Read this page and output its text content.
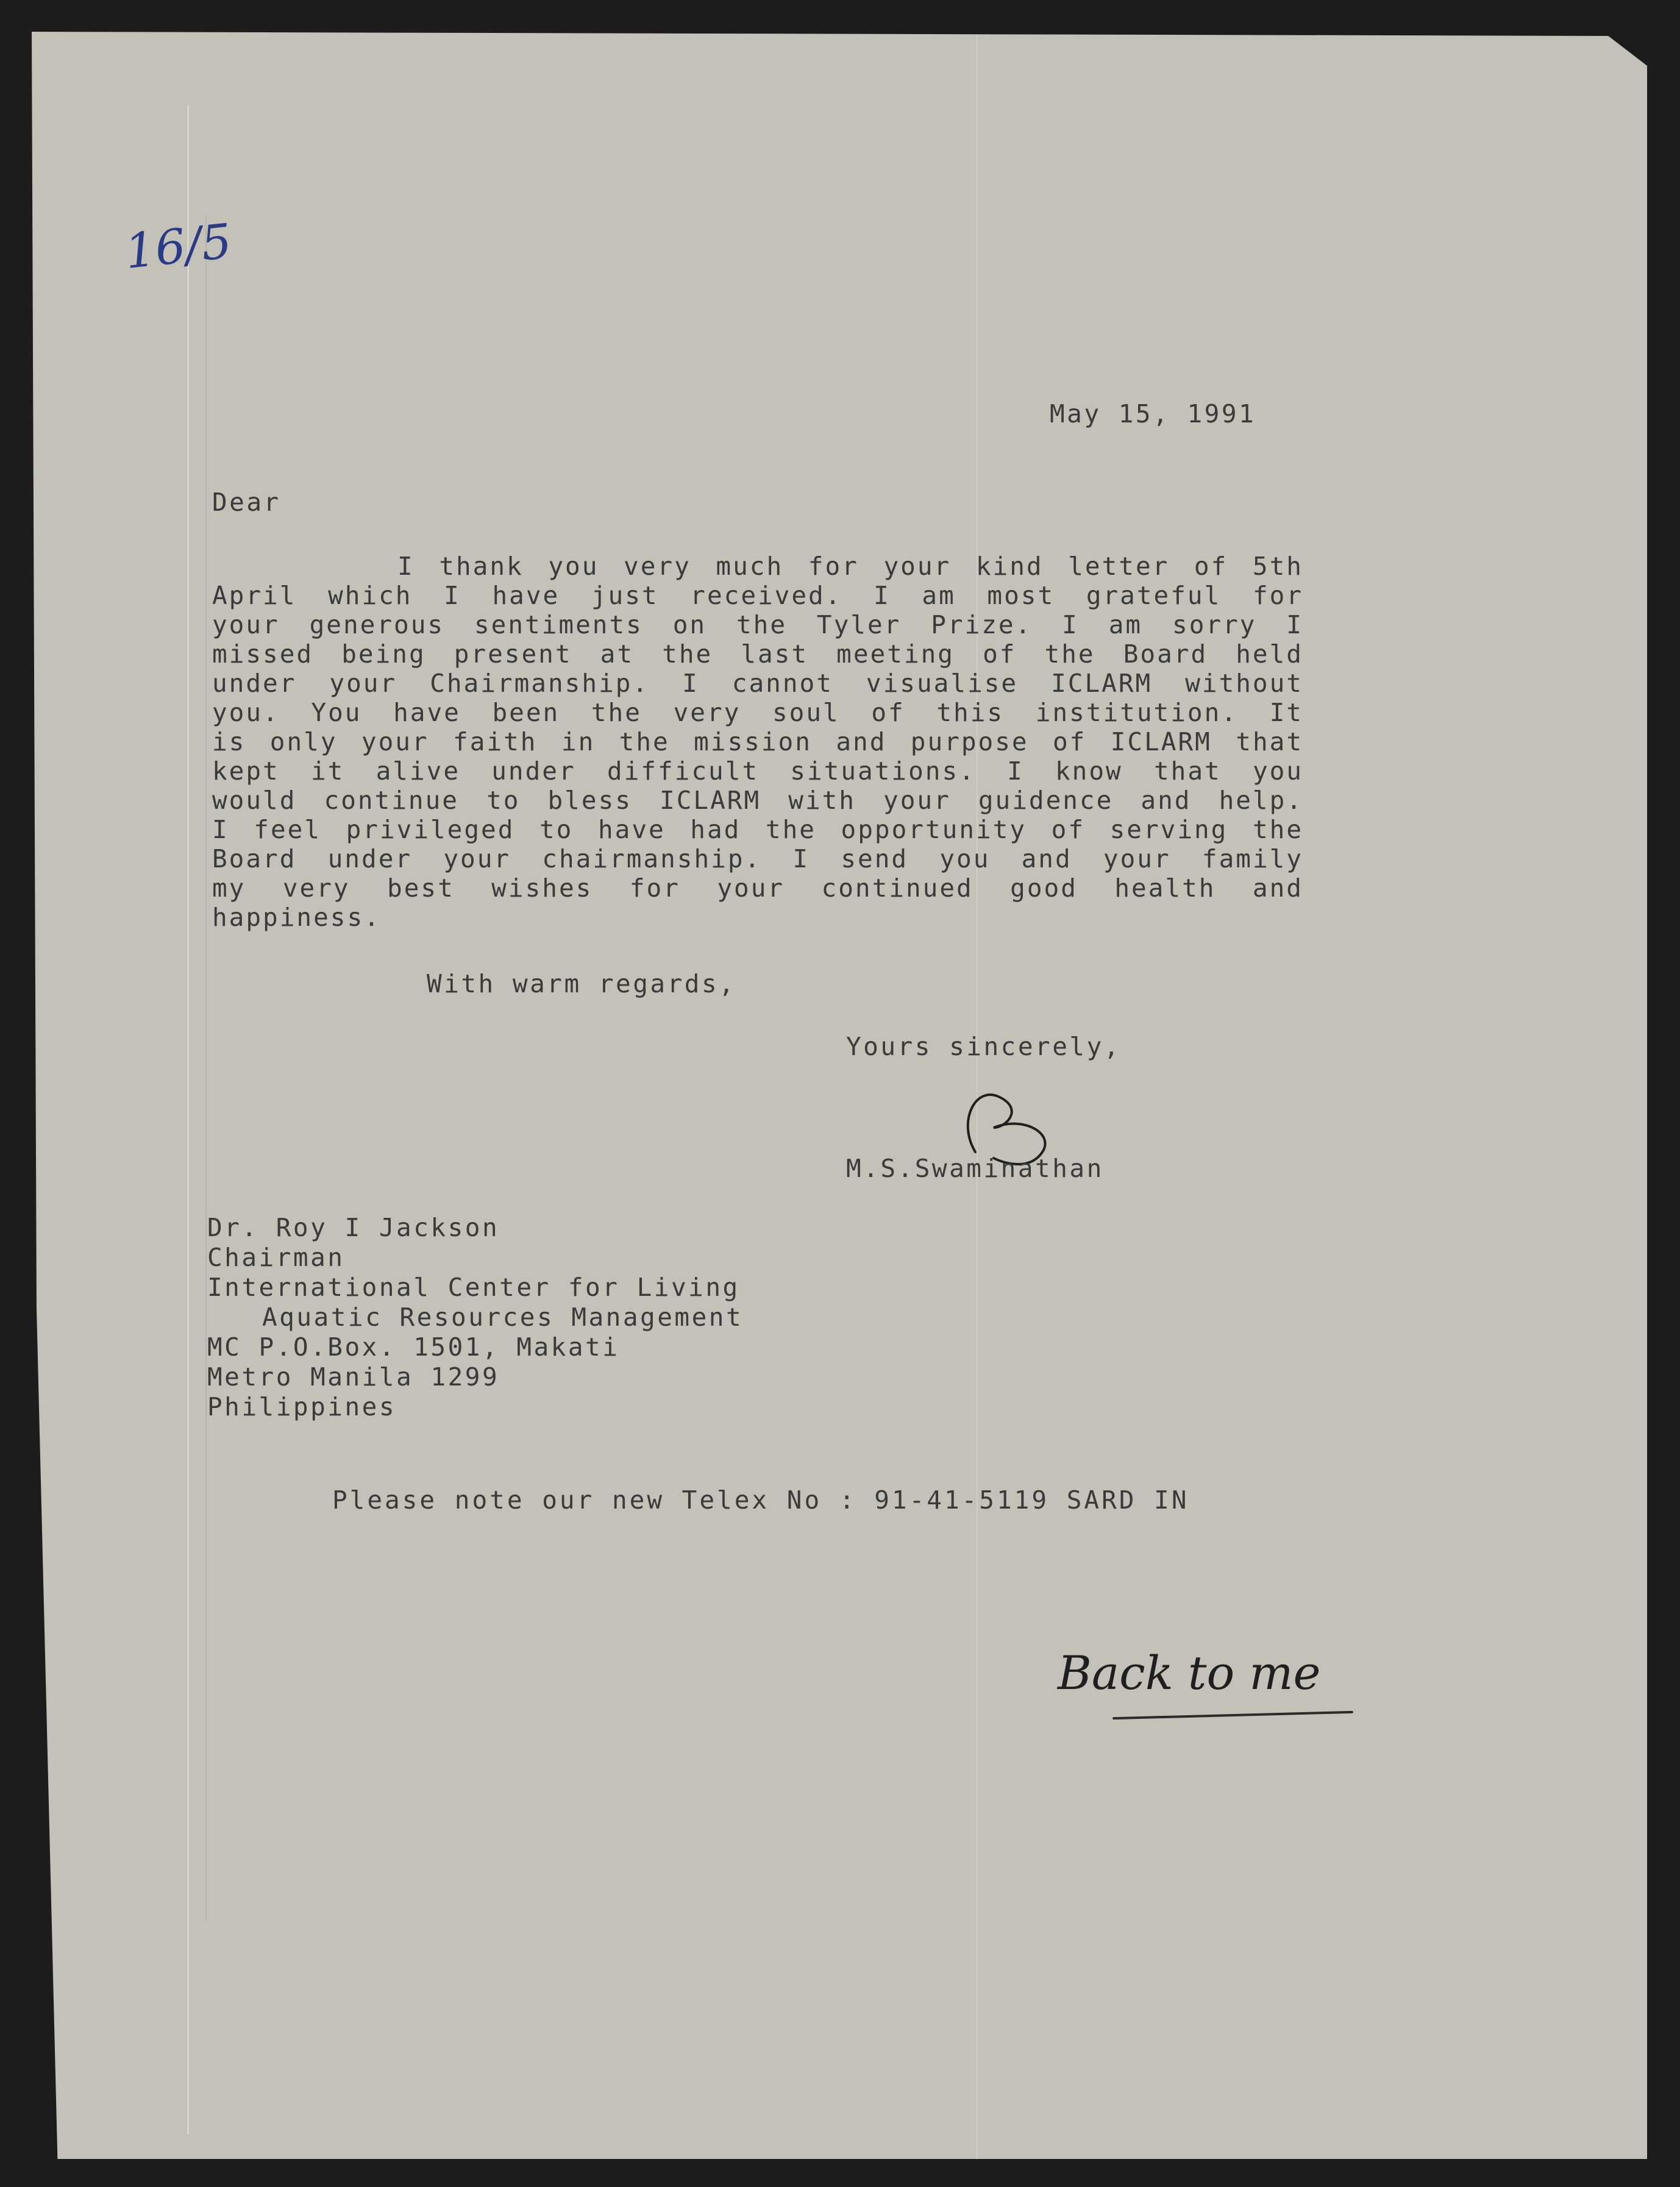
16/5
May 15, 1991
Dear
I thank you very much for your kind letter of 5th
April which I have just received. I am most grateful for
your generous sentiments on the Tyler Prize. I am sorry I
missed being present at the last meeting of the Board held
under your Chairmanship. I cannot visualise ICLARM without
you. You have been the very soul of this institution. It
is only your faith in the mission and purpose of ICLARM that
kept it alive under difficult situations. I know that you
would continue to bless ICLARM with your guidence and help.
I feel privileged to have had the opportunity of serving the
Board under your chairmanship. I send you and your family
my very best wishes for your continued good health and
happiness.
With warm regards,
Yours sincerely,
M.S.Swaminathan
Dr. Roy I Jackson
Chairman
International Center for Living
Aquatic Resources Management
MC P.O.Box. 1501, Makati
Metro Manila 1299
Philippines
Please note our new Telex No : 91-41-5119 SARD IN
Back to me
